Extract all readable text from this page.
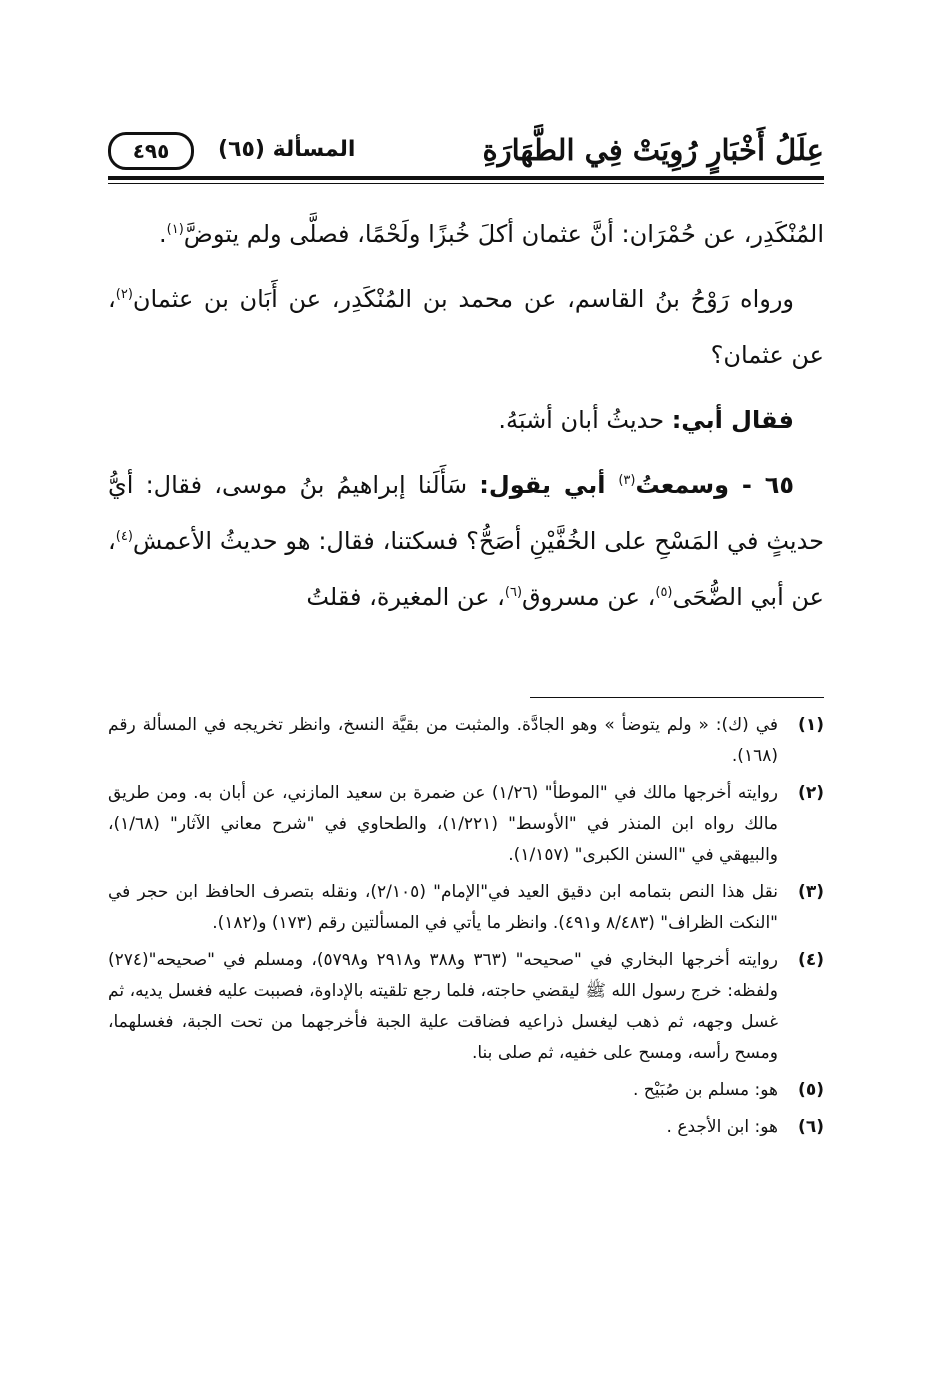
عِلَلُ أَخْبَارٍ رُوِيَتْ فِي الطَّهَارَةِ
المسألة (٦٥)
٤٩٥

المُنْكَدِر، عن حُمْرَان: أنَّ عثمان أكلَ خُبزًا ولَحْمًا، فصلَّى ولم يتوضَّ$^{(١)}$.

ورواه رَوْحُ بنُ القاسم، عن محمد بن المُنْكَدِر، عن أَبَان بن عثمان$^{(٢)}$، عن عثمان؟

فقال أبي: حديثُ أبان أشبَهُ.

٦٥ - وسمعتُ$^{(٣)}$ أبي يقول: سَأَلَنا إبراهيمُ بنُ موسى، فقال: أيُّ حديثٍ في المَسْحِ على الخُفَّيْنِ أصَحُّ؟ فسكتنا، فقال: هو حديثُ الأعمش$^{(٤)}$، عن أبي الضُّحَى$^{(٥)}$، عن مسروق$^{(٦)}$، عن المغيرة، فقلتُ

(١)
في (ك): « ولم يتوضأ » وهو الجادَّة. والمثبت من بقيَّة النسخ، وانظر تخريجه في المسألة رقم (١٦٨).
(٢)
روايته أخرجها مالك في "الموطأ" (١/٢٦) عن ضمرة بن سعيد المازني، عن أبان به. ومن طريق مالك رواه ابن المنذر في "الأوسط" (١/٢٢١)، والطحاوي في "شرح معاني الآثار" (١/٦٨)، والبيهقي في "السنن الكبرى" (١/١٥٧).
(٣)
نقل هذا النص بتمامه ابن دقيق العيد في"الإمام" (٢/١٠٥)، ونقله بتصرف الحافظ ابن حجر في "النكت الظراف" (٨/٤٨٣ و٤٩١). وانظر ما يأتي في المسألتين رقم (١٧٣) و(١٨٢).
(٤)
روايته أخرجها البخاري في "صحيحه" (٣٦٣ و٣٨٨ و٢٩١٨ و٥٧٩٨)، ومسلم في "صحيحه"(٢٧٤) ولفظه: خرج رسول الله ﷺ ليقضي حاجته، فلما رجع تلقيته بالإداوة، فصببت عليه فغسل يديه، ثم غسل وجهه، ثم ذهب ليغسل ذراعيه فضاقت علية الجبة فأخرجهما من تحت الجبة، فغسلهما، ومسح رأسه، ومسح على خفيه، ثم صلى بنا.
(٥)
هو: مسلم بن صُبَيْح .
(٦)
هو: ابن الأجدع .
